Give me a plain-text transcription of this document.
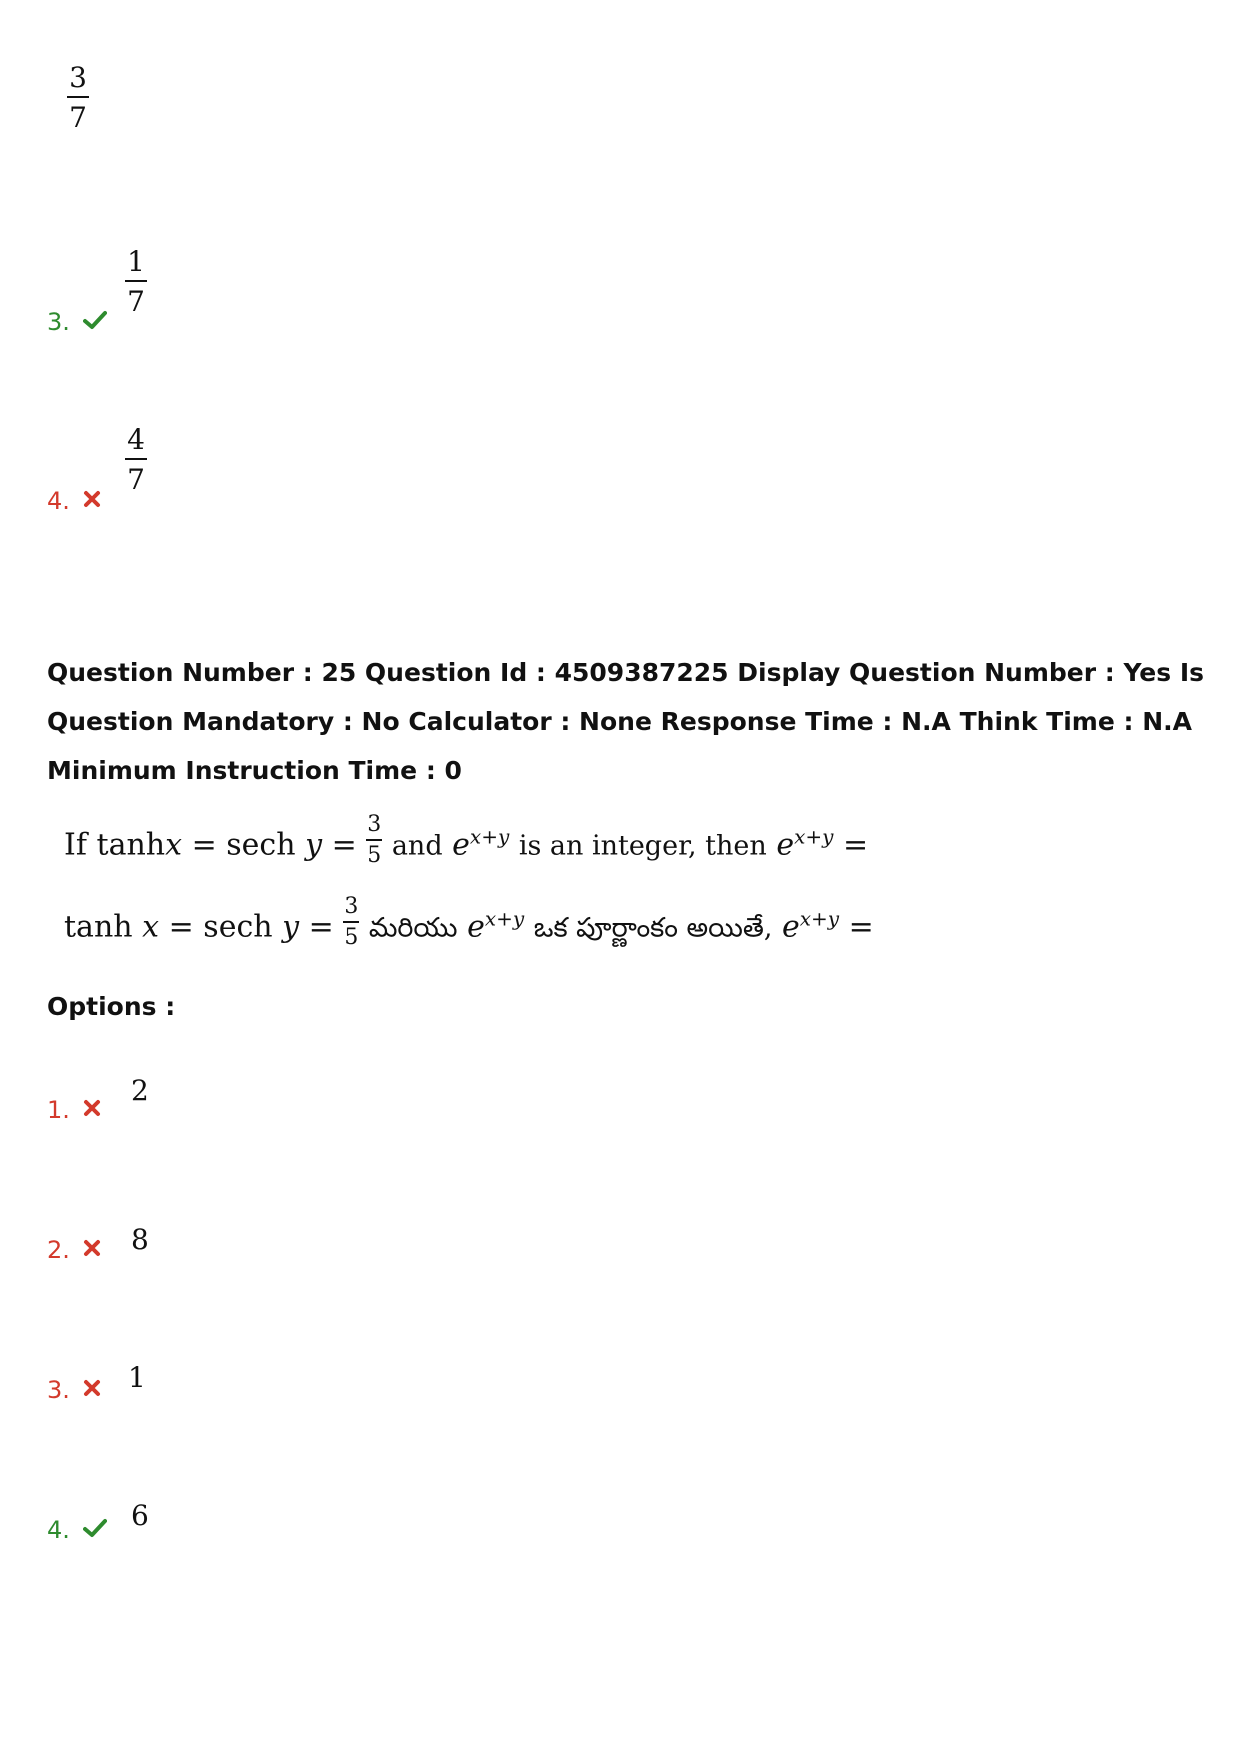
3
7
3.
1
7
4.
4
7
Question Number : 25 Question Id : 4509387225 Display Question Number : Yes Is Question Mandatory : No Calculator : None Response Time : N.A Think Time : N.A Minimum Instruction Time : 0
If tanhx = sech $y = \frac{3}{5}$ and $e^{x+y}$ is an integer, then $e^{x+y}$ =
tanh x = sech $y = \frac{3}{5}$ మరియు $e^{x+y}$ ఒక పూర్ణాంకం అయితే, $e^{x+y}$ =
Options :
1.
2
2.	8
3.	1
4.	6
